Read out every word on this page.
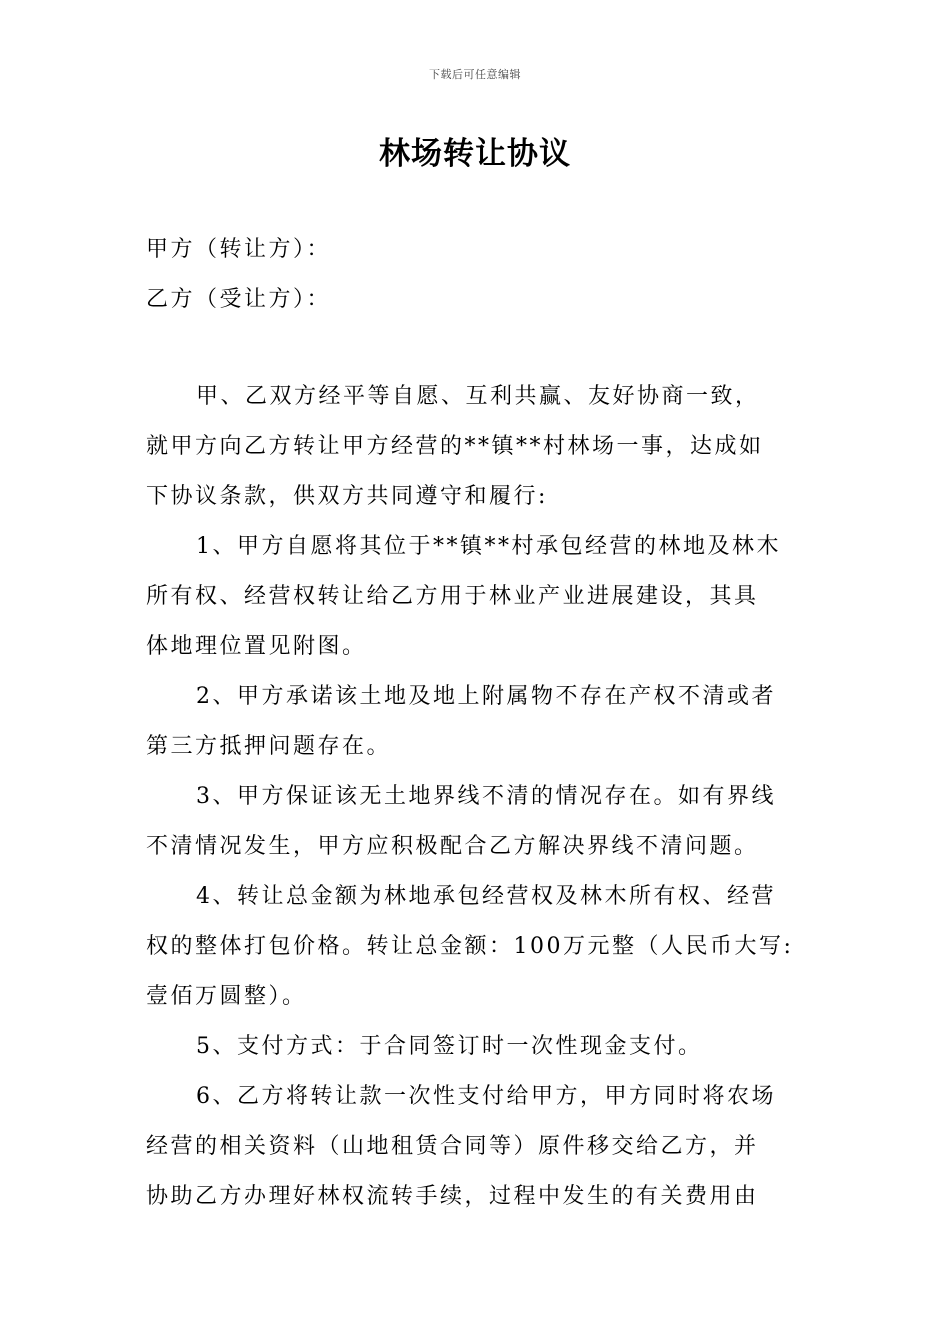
下载后可任意编辑
林场转让协议
甲方（转让方）：
乙方（受让方）：
甲、乙双方经平等自愿、互利共赢、友好协商一致，
就甲方向乙方转让甲方经营的**镇**村林场一事，达成如
下协议条款，供双方共同遵守和履行:
1、甲方自愿将其位于**镇**村承包经营的林地及林木
所有权、经营权转让给乙方用于林业产业进展建设，其具
体地理位置见附图。
2、甲方承诺该土地及地上附属物不存在产权不清或者
第三方抵押问题存在。
3、甲方保证该无土地界线不清的情况存在。如有界线
不清情况发生，甲方应积极配合乙方解决界线不清问题。
4、转让总金额为林地承包经营权及林木所有权、经营
权的整体打包价格。转让总金额：100万元整（人民币大写:
壹佰万圆整）。
5、支付方式：于合同签订时一次性现金支付。
6、乙方将转让款一次性支付给甲方，甲方同时将农场
经营的相关资料（山地租赁合同等）原件移交给乙方，并
协助乙方办理好林权流转手续，过程中发生的有关费用由
